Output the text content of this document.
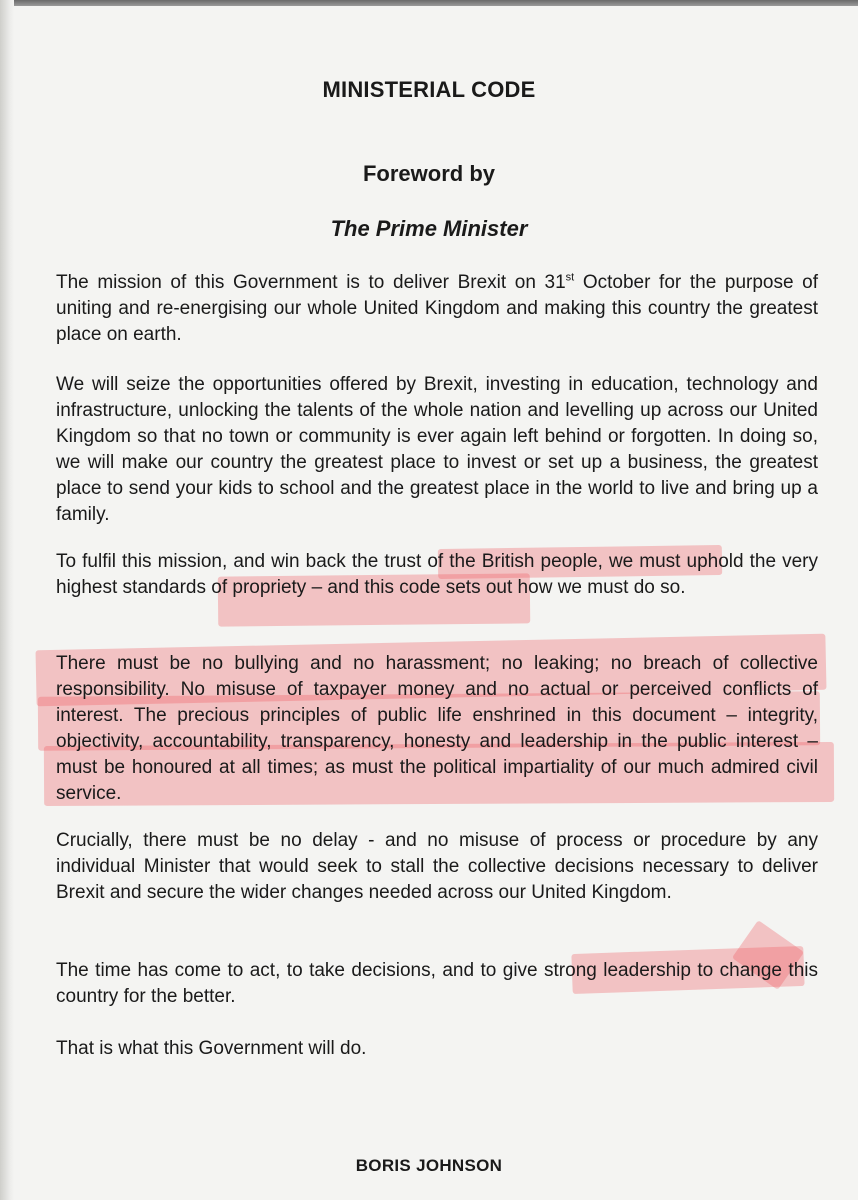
MINISTERIAL CODE
Foreword by
The Prime Minister

The mission of this Government is to deliver Brexit on 31st October for the purpose of uniting and re-energising our whole United Kingdom and making this country the greatest place on earth.

We will seize the opportunities offered by Brexit, investing in education, technology and infrastructure, unlocking the talents of the whole nation and levelling up across our United Kingdom so that no town or community is ever again left behind or forgotten. In doing so, we will make our country the greatest place to invest or set up a business, the greatest place to send your kids to school and the greatest place in the world to live and bring up a family.

To fulfil this mission, and win back the trust of the British people, we must uphold the very highest standards of propriety – and this code sets out how we must do so.

There must be no bullying and no harassment; no leaking; no breach of collective responsibility. No misuse of taxpayer money and no actual or perceived conflicts of interest. The precious principles of public life enshrined in this document – integrity, objectivity, accountability, transparency, honesty and leadership in the public interest – must be honoured at all times; as must the political impartiality of our much admired civil service.

Crucially, there must be no delay - and no misuse of process or procedure by any individual Minister that would seek to stall the collective decisions necessary to deliver Brexit and secure the wider changes needed across our United Kingdom.

The time has come to act, to take decisions, and to give strong leadership to change this country for the better.

That is what this Government will do.

BORIS JOHNSON
